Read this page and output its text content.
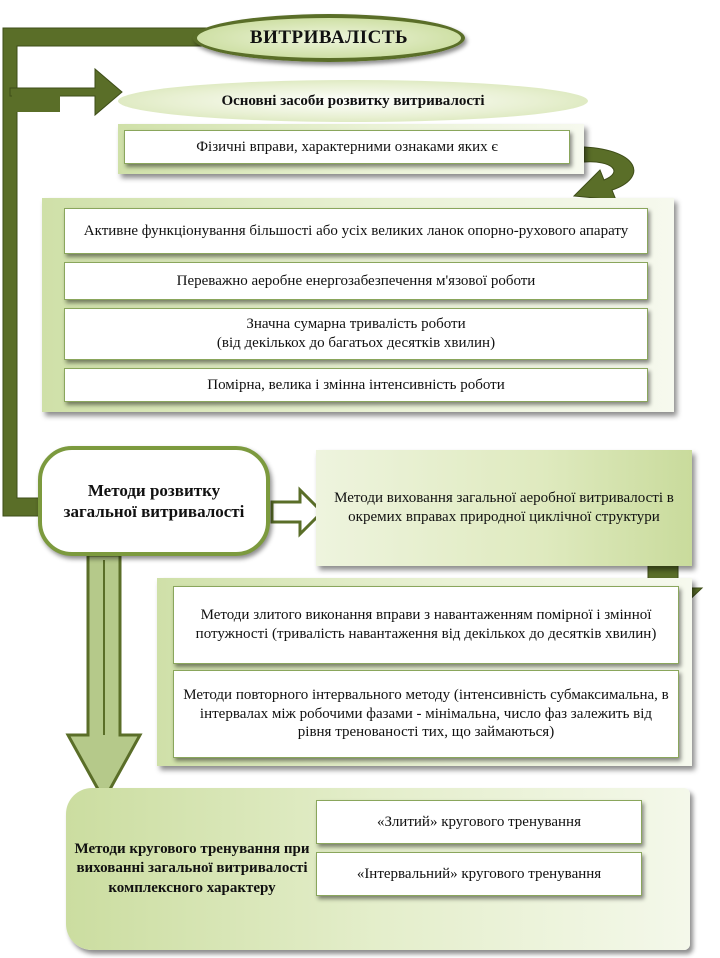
ВИТРИВАЛІСТЬ
Основні засоби розвитку витривалості
Фізичні вправи, характерними ознаками яких є
Активне функціонування більшості або усіх великих ланок опорно-рухового апарату
Переважно аеробне енергозабезпечення м'язової роботи
Значна сумарна тривалість роботи
(від декількох до багатьох десятків хвилин)
Помірна, велика і змінна інтенсивність роботи
Методи розвитку загальної витривалості
Методи виховання загальної аеробної витривалості в окремих вправах природної циклічної структури
Методи злитого виконання вправи з навантаженням помірної і змінної потужності (тривалість навантаження від декількох до десятків хвилин)
Методи повторного інтервального методу (інтенсивність субмаксимальна, в інтервалах між робочими фазами - мінімальна, число фаз залежить від рівня тренованості тих, що займаються)
Методи кругового тренування при вихованні загальної витривалості комплексного характеру
«Злитий» кругового тренування
«Інтервальний» кругового тренування
